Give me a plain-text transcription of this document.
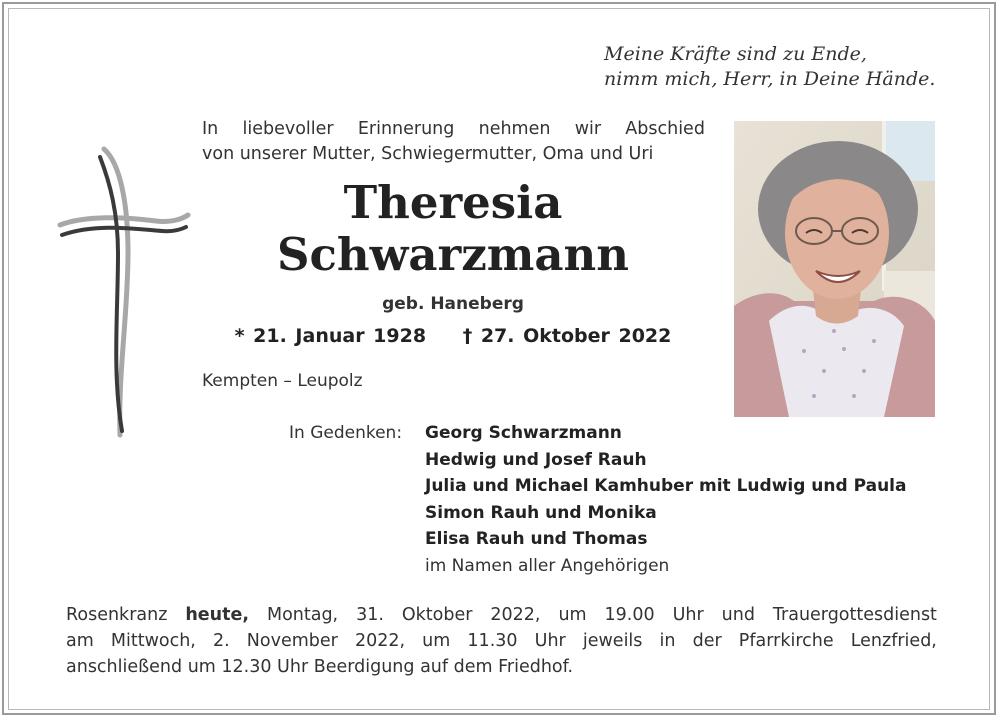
Meine Kräfte sind zu Ende,
nimm mich, Herr, in Deine Hände.
In liebevoller Erinnerung nehmen wir Abschied
von unserer Mutter, Schwiegermutter, Oma und Uri
Theresia
Schwarzmann
geb. Haneberg
* 21. Januar 1928 † 27. Oktober 2022
Kempten – Leupolz
In Gedenken: Georg Schwarzmann
Hedwig und Josef Rauh
Julia und Michael Kamhuber mit Ludwig und Paula
Simon Rauh und Monika
Elisa Rauh und Thomas
im Namen aller Angehörigen
Rosenkranz heute, Montag, 31. Oktober 2022, um 19.00 Uhr und Trauergottesdienst
am Mittwoch, 2. November 2022, um 11.30 Uhr jeweils in der Pfarrkirche Lenzfried,
anschließend um 12.30 Uhr Beerdigung auf dem Friedhof.
